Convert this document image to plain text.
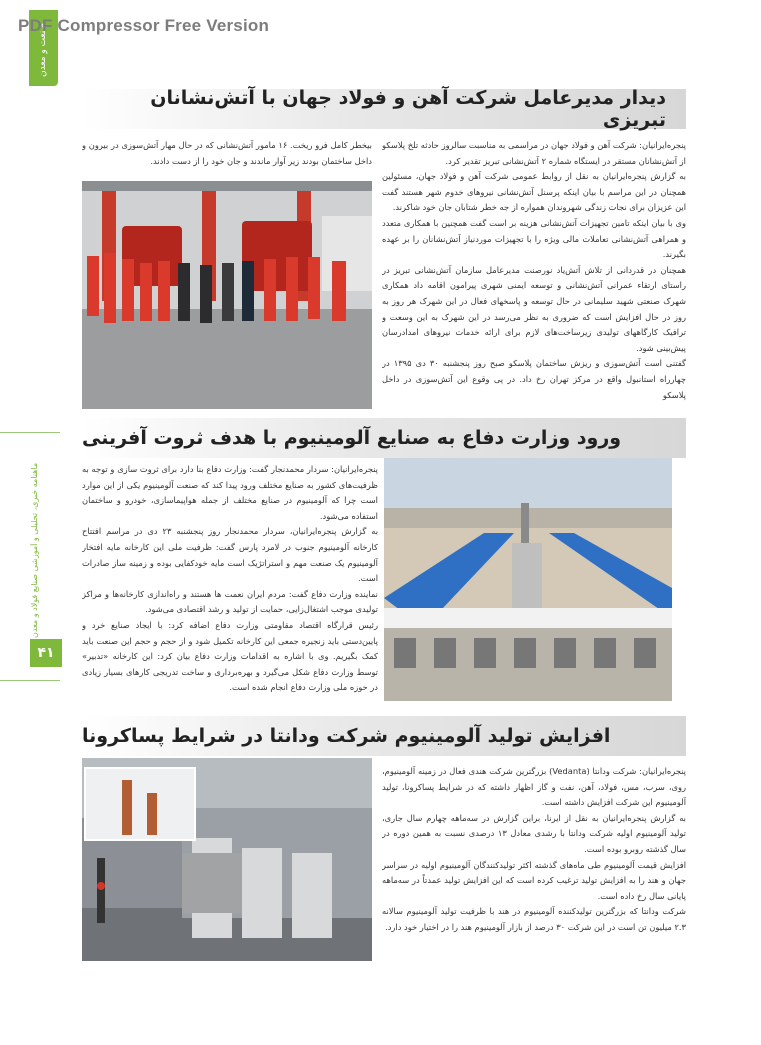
PDF Compressor Free Version
صنعت و معدن
ماهنامه خبری، تحلیلی و آموزشی صنایع فولاد و معدن
۴۱
دیدار مدیرعامل شرکت آهن و فولاد جهان با آتش‌نشانان تبریزی

پنجره‌ایرانیان: شرکت آهن و فولاد جهان در مراسمی به مناسبت سالروز حادثه تلخ پلاسکو از آتش‌نشانان مستقر در ایستگاه شماره ۲ آتش‌نشانی تبریز تقدیر کرد.

به گزارش پنجره‌ایرانیان به نقل از روابط عمومی شرکت آهن و فولاد جهان، مسئولین همچنان در این مراسم با بیان اینکه پرسنل آتش‌نشانی نیروهای خدوم شهر هستند گفت این عزیزان برای نجات زندگی شهروندان همواره از جه خطر شتابان جان خود شاکرند.

وی با بیان اینکه تامین تجهیزات آتش‌نشانی هزینه بر است گفت همچنین با همکاری متعدد و همراهی آتش‌نشانی تعاملات مالی ویژه را با تجهیزات موردنیاز آتش‌نشانان را بر عهده بگیرند.

همچنان در قدردانی از تلاش آتش‌یاد نورصنت مدیرعامل سازمان آتش‌نشانی تبریز در راستای ارتقاء عمرانی آتش‌نشانی و توسعه ایمنی شهری پیرامون اقامه داد همکاری شهرک صنعتی شهید سلیمانی در حال توسعه و پاسخهای فعال در این شهرک هر روز به روز در حال افزایش است که ضروری به نظر می‌رسد در این شهرک به این وسعت و ترافیک کارگاههای تولیدی زیرساخت‌های لازم برای ارائه خدمات نیروهای امدادرسان پیش‌بینی شود.

گفتنی است آتش‌سوزی و ریزش ساختمان پلاسکو صبح روز پنجشنبه ۳۰ دی ۱۳۹۵ در چهارراه استانبول واقع در مرکز تهران رخ داد. در پی وقوع این آتش‌سوزی در داخل پلاسکو

بیخطر کامل فرو ریخت. ۱۶ مامور آتش‌نشانی که در حال مهار آتش‌سوزی در بیرون و داخل ساختمان بودند زیر آوار ماندند و جان خود را از دست دادند.

ورود وزارت دفاع به صنایع آلومینیوم با هدف ثروت آفرینی

پنجره‌ایرانیان: سردار محمدنجار گفت: وزارت دفاع بنا دارد برای ثروت سازی و توجه به ظرفیت‌های کشور به صنایع مختلف ورود پیدا کند که صنعت آلومینیوم یکی از این موارد است چرا که آلومینیوم در صنایع مختلف از جمله هواپیماسازی، خودرو و ساختمان استفاده می‌شود.

به گزارش پنجره‌ایرانیان، سردار محمدنجار روز پنجشنبه ۲۳ دی در مراسم افتتاح کارخانه آلومینیوم جنوب در لامرد پارس گفت: ظرفیت ملی این کارخانه مایه افتخار آلومینیوم یک صنعت مهم و استراتژیک است مایه خودکفایی بوده و زمینه ساز صادرات است.

نماینده وزارت دفاع گفت: مردم ایران نعمت ها هستند و راه‌اندازی کارخانه‌ها و مراکز تولیدی موجب اشتغال‌زایی، حمایت از تولید و رشد اقتصادی می‌شود.

رئیس قرارگاه اقتصاد مقاومتی وزارت دفاع اضافه کرد: با ایجاد صنایع خرد و پایین‌دستی باید زنجیره جمعی این کارخانه تکمیل شود و از حجم و حجم این صنعت باید کمک بگیریم. وی با اشاره به اقدامات وزارت دفاع بیان کرد: این کارخانه «تدبیر» توسط وزارت دفاع شکل می‌گیرد و بهره‌برداری و ساخت تدریجی کارهای بسیار زیادی در حوزه ملی وزارت دفاع انجام شده است.

افزایش تولید آلومینیوم شرکت ودانتا در شرایط پساکرونا

پنجره‌ایرانیان: شرکت ودانتا (Vedanta) بزرگترین شرکت هندی فعال در زمینه آلومینیوم، روی، سرب، مس، فولاد، آهن، نفت و گاز اظهار داشته که در شرایط پساکرونا، تولید آلومینیوم این شرکت افزایش داشته است.

به گزارش پنجره‌ایرانیان به نقل از ایرنا، براین گزارش در سه‌ماهه چهارم سال جاری، تولید آلومینیوم اولیه شرکت ودانتا با رشدی معادل ۱۳ درصدی نسبت به همین دوره در سال گذشته روبرو بوده است.

افزایش قیمت آلومینیوم طی ماه‌های گذشته اکثر تولیدکنندگان آلومینیوم اولیه در سراسر جهان و هند را به افزایش تولید ترغیب کرده است که این افزایش تولید عمدتاً در سه‌ماهه پایانی سال رخ داده است.

شرکت ودانتا که بزرگترین تولیدکننده آلومینیوم در هند با ظرفیت تولید آلومینیوم سالانه ۲.۳ میلیون تن است در این شرکت ۳۰ درصد از بازار آلومینیوم هند را در اختیار خود دارد.
